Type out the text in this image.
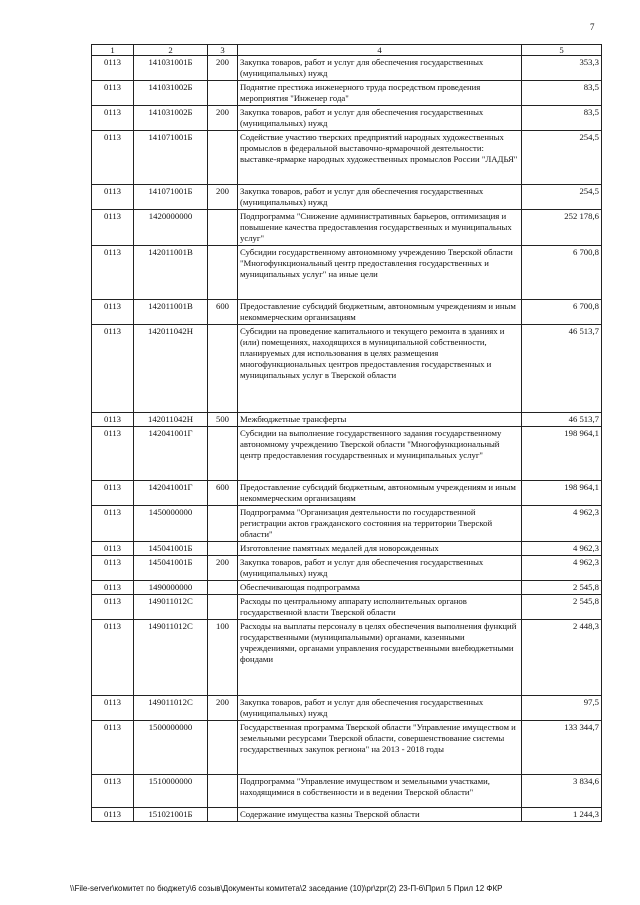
7
1	2	3	4	5
0113	141031001Б	200	Закупка товаров, работ и услуг для обеспечения государственных (муниципальных) нужд	353,3
0113	141031002Б		Поднятие престижа инженерного труда посредством проведения мероприятия "Инженер года"	83,5
0113	141031002Б	200	Закупка товаров, работ и услуг для обеспечения государственных (муниципальных) нужд	83,5
0113	141071001Б		Содействие участию тверских предприятий народных художественных промыслов в федеральной выставочно-ярмарочной деятельности: выставке-ярмарке народных художественных промыслов России "ЛАДЬЯ"	254,5
0113	141071001Б	200	Закупка товаров, работ и услуг для обеспечения государственных (муниципальных) нужд	254,5
0113	1420000000		Подпрограмма "Снижение административных барьеров, оптимизация и повышение качества предоставления государственных и муниципальных услуг"	252 178,6
0113	142011001В		Субсидии государственному автономному учреждению Тверской области "Многофункциональный центр предоставления государственных и муниципальных услуг" на иные цели	6 700,8
0113	142011001В	600	Предоставление субсидий бюджетным, автономным учреждениям и иным некоммерческим организациям	6 700,8
0113	142011042Н		Субсидии на проведение капитального и текущего ремонта в зданиях и (или) помещениях, находящихся в муниципальной собственности, планируемых для использования в целях размещения многофункциональных центров предоставления государственных и муниципальных услуг в Тверской области	46 513,7
0113	142011042Н	500	Межбюджетные трансферты	46 513,7
0113	142041001Г		Субсидии на выполнение государственного задания государственному автономному учреждению Тверской области "Многофункциональный центр предоставления государственных и муниципальных услуг"	198 964,1
0113	142041001Г	600	Предоставление субсидий бюджетным, автономным учреждениям и иным некоммерческим организациям	198 964,1
0113	1450000000		Подпрограмма "Организация деятельности по государственной регистрации актов гражданского состояния на территории Тверской области"	4 962,3
0113	145041001Б		Изготовление памятных медалей для новорожденных	4 962,3
0113	145041001Б	200	Закупка товаров, работ и услуг для обеспечения государственных (муниципальных) нужд	4 962,3
0113	1490000000		Обеспечивающая подпрограмма	2 545,8
0113	149011012С		Расходы по центральному аппарату исполнительных органов государственной власти Тверской области	2 545,8
0113	149011012С	100	Расходы на выплаты персоналу в целях обеспечения выполнения функций государственными (муниципальными) органами, казенными учреждениями, органами управления государственными внебюджетными фондами	2 448,3
0113	149011012С	200	Закупка товаров, работ и услуг для обеспечения государственных (муниципальных) нужд	97,5
0113	1500000000		Государственная программа Тверской области "Управление имуществом и земельными ресурсами Тверской области, совершенствование системы государственных закупок региона" на 2013 - 2018 годы	133 344,7
0113	1510000000		Подпрограмма "Управление имуществом и земельными участками, находящимися в собственности и в ведении Тверской области"	3 834,6
0113	151021001Б		Содержание имущества казны Тверской области	1 244,3
\\File-server\комитет по бюджету\6 созыв\Документы комитета\2 заседание (10)\pr\zpr(2) 23-П-6\Прил 5 Прил 12 ФКР
